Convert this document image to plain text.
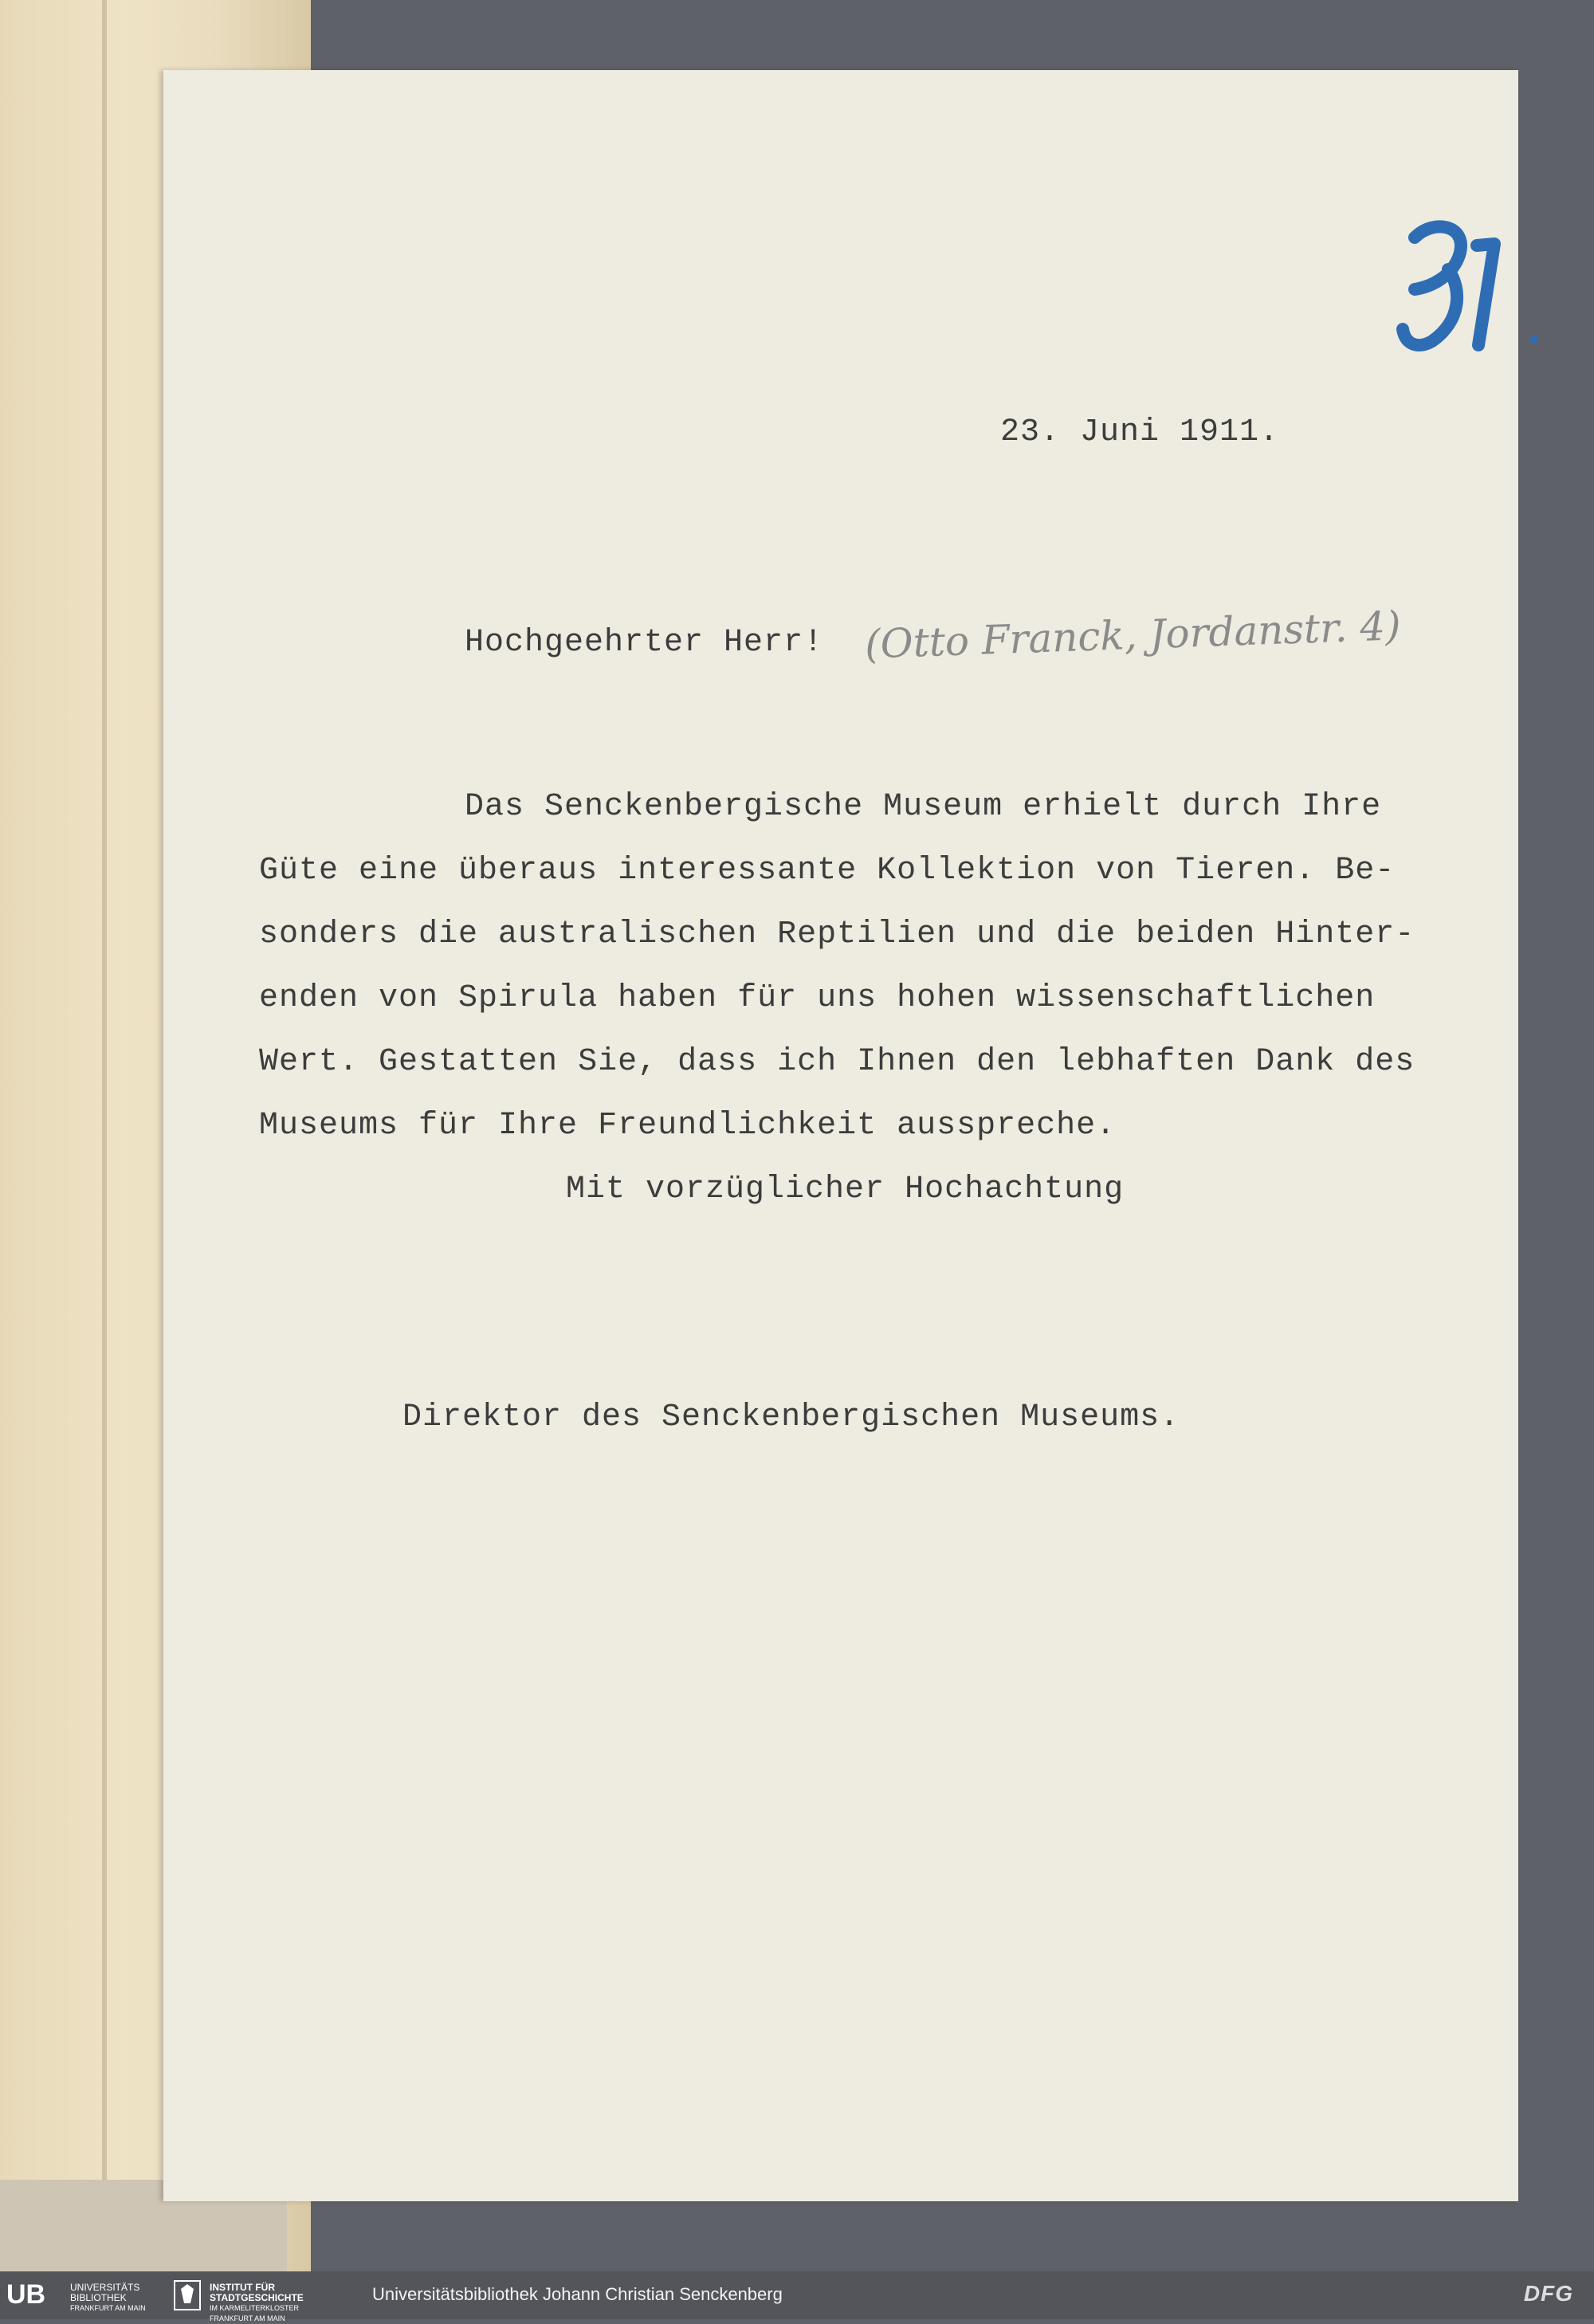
23. Juni 1911.

Hochgeehrter Herr! (Otto Franck, Jordanstr. 4)

Das Senckenbergische Museum erhielt durch Ihre

Güte eine überaus interessante Kollektion von Tieren. Be-

sonders die australischen Reptilien und die beiden Hinter-

enden von Spirula haben für uns hohen wissenschaftlichen

Wert. Gestatten Sie, dass ich Ihnen den lebhaften Dank des

Museums für Ihre Freundlichkeit ausspreche.

Mit vorzüglicher Hochachtung

Direktor des Senckenbergischen Museums.

UB	UNIVERSITÄTS
BIBLIOTHEK
FRANKFURT AM MAIN
INSTITUT FÜR
STADTGESCHICHTE
IM KARMELITERKLOSTER
FRANKFURT AM MAIN

Universitätsbibliothek Johann Christian Senckenberg	DFG
